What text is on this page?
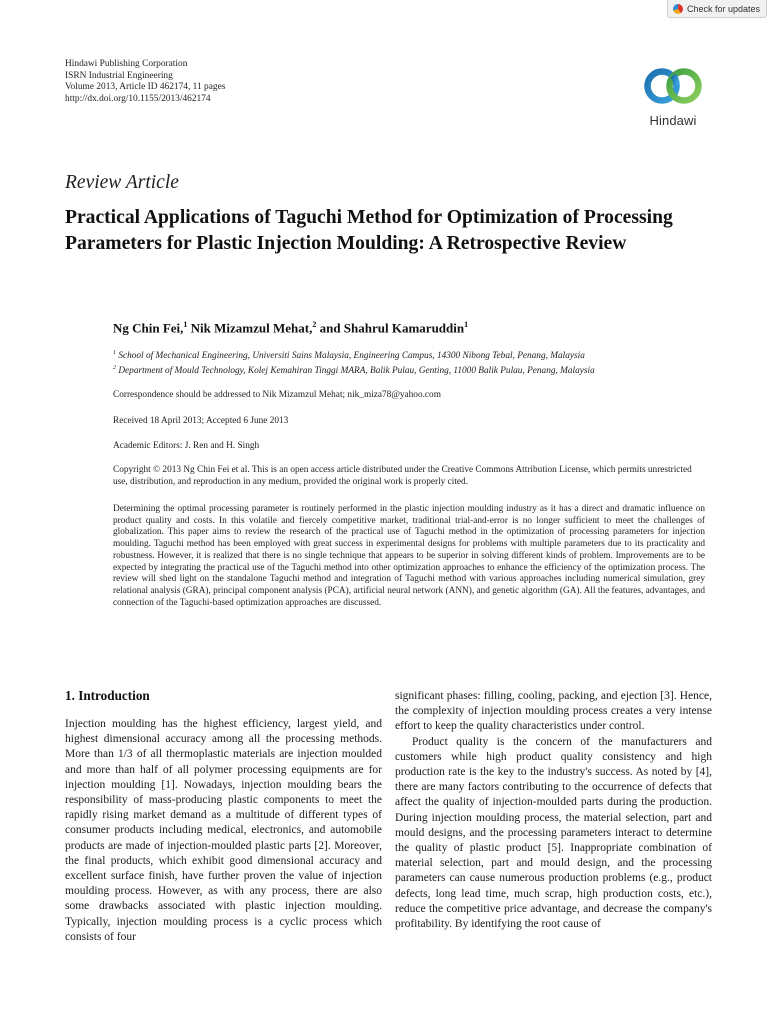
Check for updates
Hindawi Publishing Corporation
ISRN Industrial Engineering
Volume 2013, Article ID 462174, 11 pages
http://dx.doi.org/10.1155/2013/462174
Hindawi
Review Article
Practical Applications of Taguchi Method for Optimization of Processing Parameters for Plastic Injection Moulding: A Retrospective Review
Ng Chin Fei,$^1$ Nik Mizamzul Mehat,$^2$ and Shahrul Kamaruddin$^1$
$^1$ School of Mechanical Engineering, Universiti Sains Malaysia, Engineering Campus, 14300 Nibong Tebal, Penang, Malaysia
$^2$ Department of Mould Technology, Kolej Kemahiran Tinggi MARA, Balik Pulau, Genting, 11000 Balik Pulau, Penang, Malaysia
Correspondence should be addressed to Nik Mizamzul Mehat; nik_miza78@yahoo.com
Received 18 April 2013; Accepted 6 June 2013
Academic Editors: J. Ren and H. Singh
Copyright © 2013 Ng Chin Fei et al. This is an open access article distributed under the Creative Commons Attribution License, which permits unrestricted use, distribution, and reproduction in any medium, provided the original work is properly cited.
Determining the optimal processing parameter is routinely performed in the plastic injection moulding industry as it has a direct and dramatic influence on product quality and costs. In this volatile and fiercely competitive market, traditional trial-and-error is no longer sufficient to meet the challenges of globalization. This paper aims to review the research of the practical use of Taguchi method in the optimization of processing parameters for injection moulding. Taguchi method has been employed with great success in experimental designs for problems with multiple parameters due to its practicality and robustness. However, it is realized that there is no single technique that appears to be superior in solving different kinds of problem. Improvements are to be expected by integrating the practical use of the Taguchi method into other optimization approaches to enhance the efficiency of the optimization process. The review will shed light on the standalone Taguchi method and integration of Taguchi method with various approaches including numerical simulation, grey relational analysis (GRA), principal component analysis (PCA), artificial neural network (ANN), and genetic algorithm (GA). All the features, advantages, and connection of the Taguchi-based optimization approaches are discussed.
1. Introduction

Injection moulding has the highest efficiency, largest yield, and highest dimensional accuracy among all the processing methods. More than 1/3 of all thermoplastic materials are injection moulded and more than half of all polymer processing equipments are for injection moulding [1]. Nowadays, injection moulding bears the responsibility of mass-producing plastic components to meet the rapidly rising market demand as a multitude of different types of consumer products including medical, electronics, and automobile products are made of injection-moulded plastic parts [2]. Moreover, the final products, which exhibit good dimensional accuracy and excellent surface finish, have further proven the value of injection moulding process. However, as with any process, there are also some drawbacks associated with plastic injection moulding. Typically, injection moulding process is a cyclic process which consists of four

significant phases: filling, cooling, packing, and ejection [3]. Hence, the complexity of injection moulding process creates a very intense effort to keep the quality characteristics under control.

Product quality is the concern of the manufacturers and customers while high product quality consistency and high production rate is the key to the industry's success. As noted by [4], there are many factors contributing to the occurrence of defects that affect the quality of injection-moulded parts during the production. During injection moulding process, the material selection, part and mould designs, and the processing parameters interact to determine the quality of plastic product [5]. Inappropriate combination of material selection, part and mould design, and the processing parameters can cause numerous production problems (e.g., product defects, long lead time, much scrap, high production costs, etc.), reduce the competitive price advantage, and decrease the company's profitability. By identifying the root cause of
